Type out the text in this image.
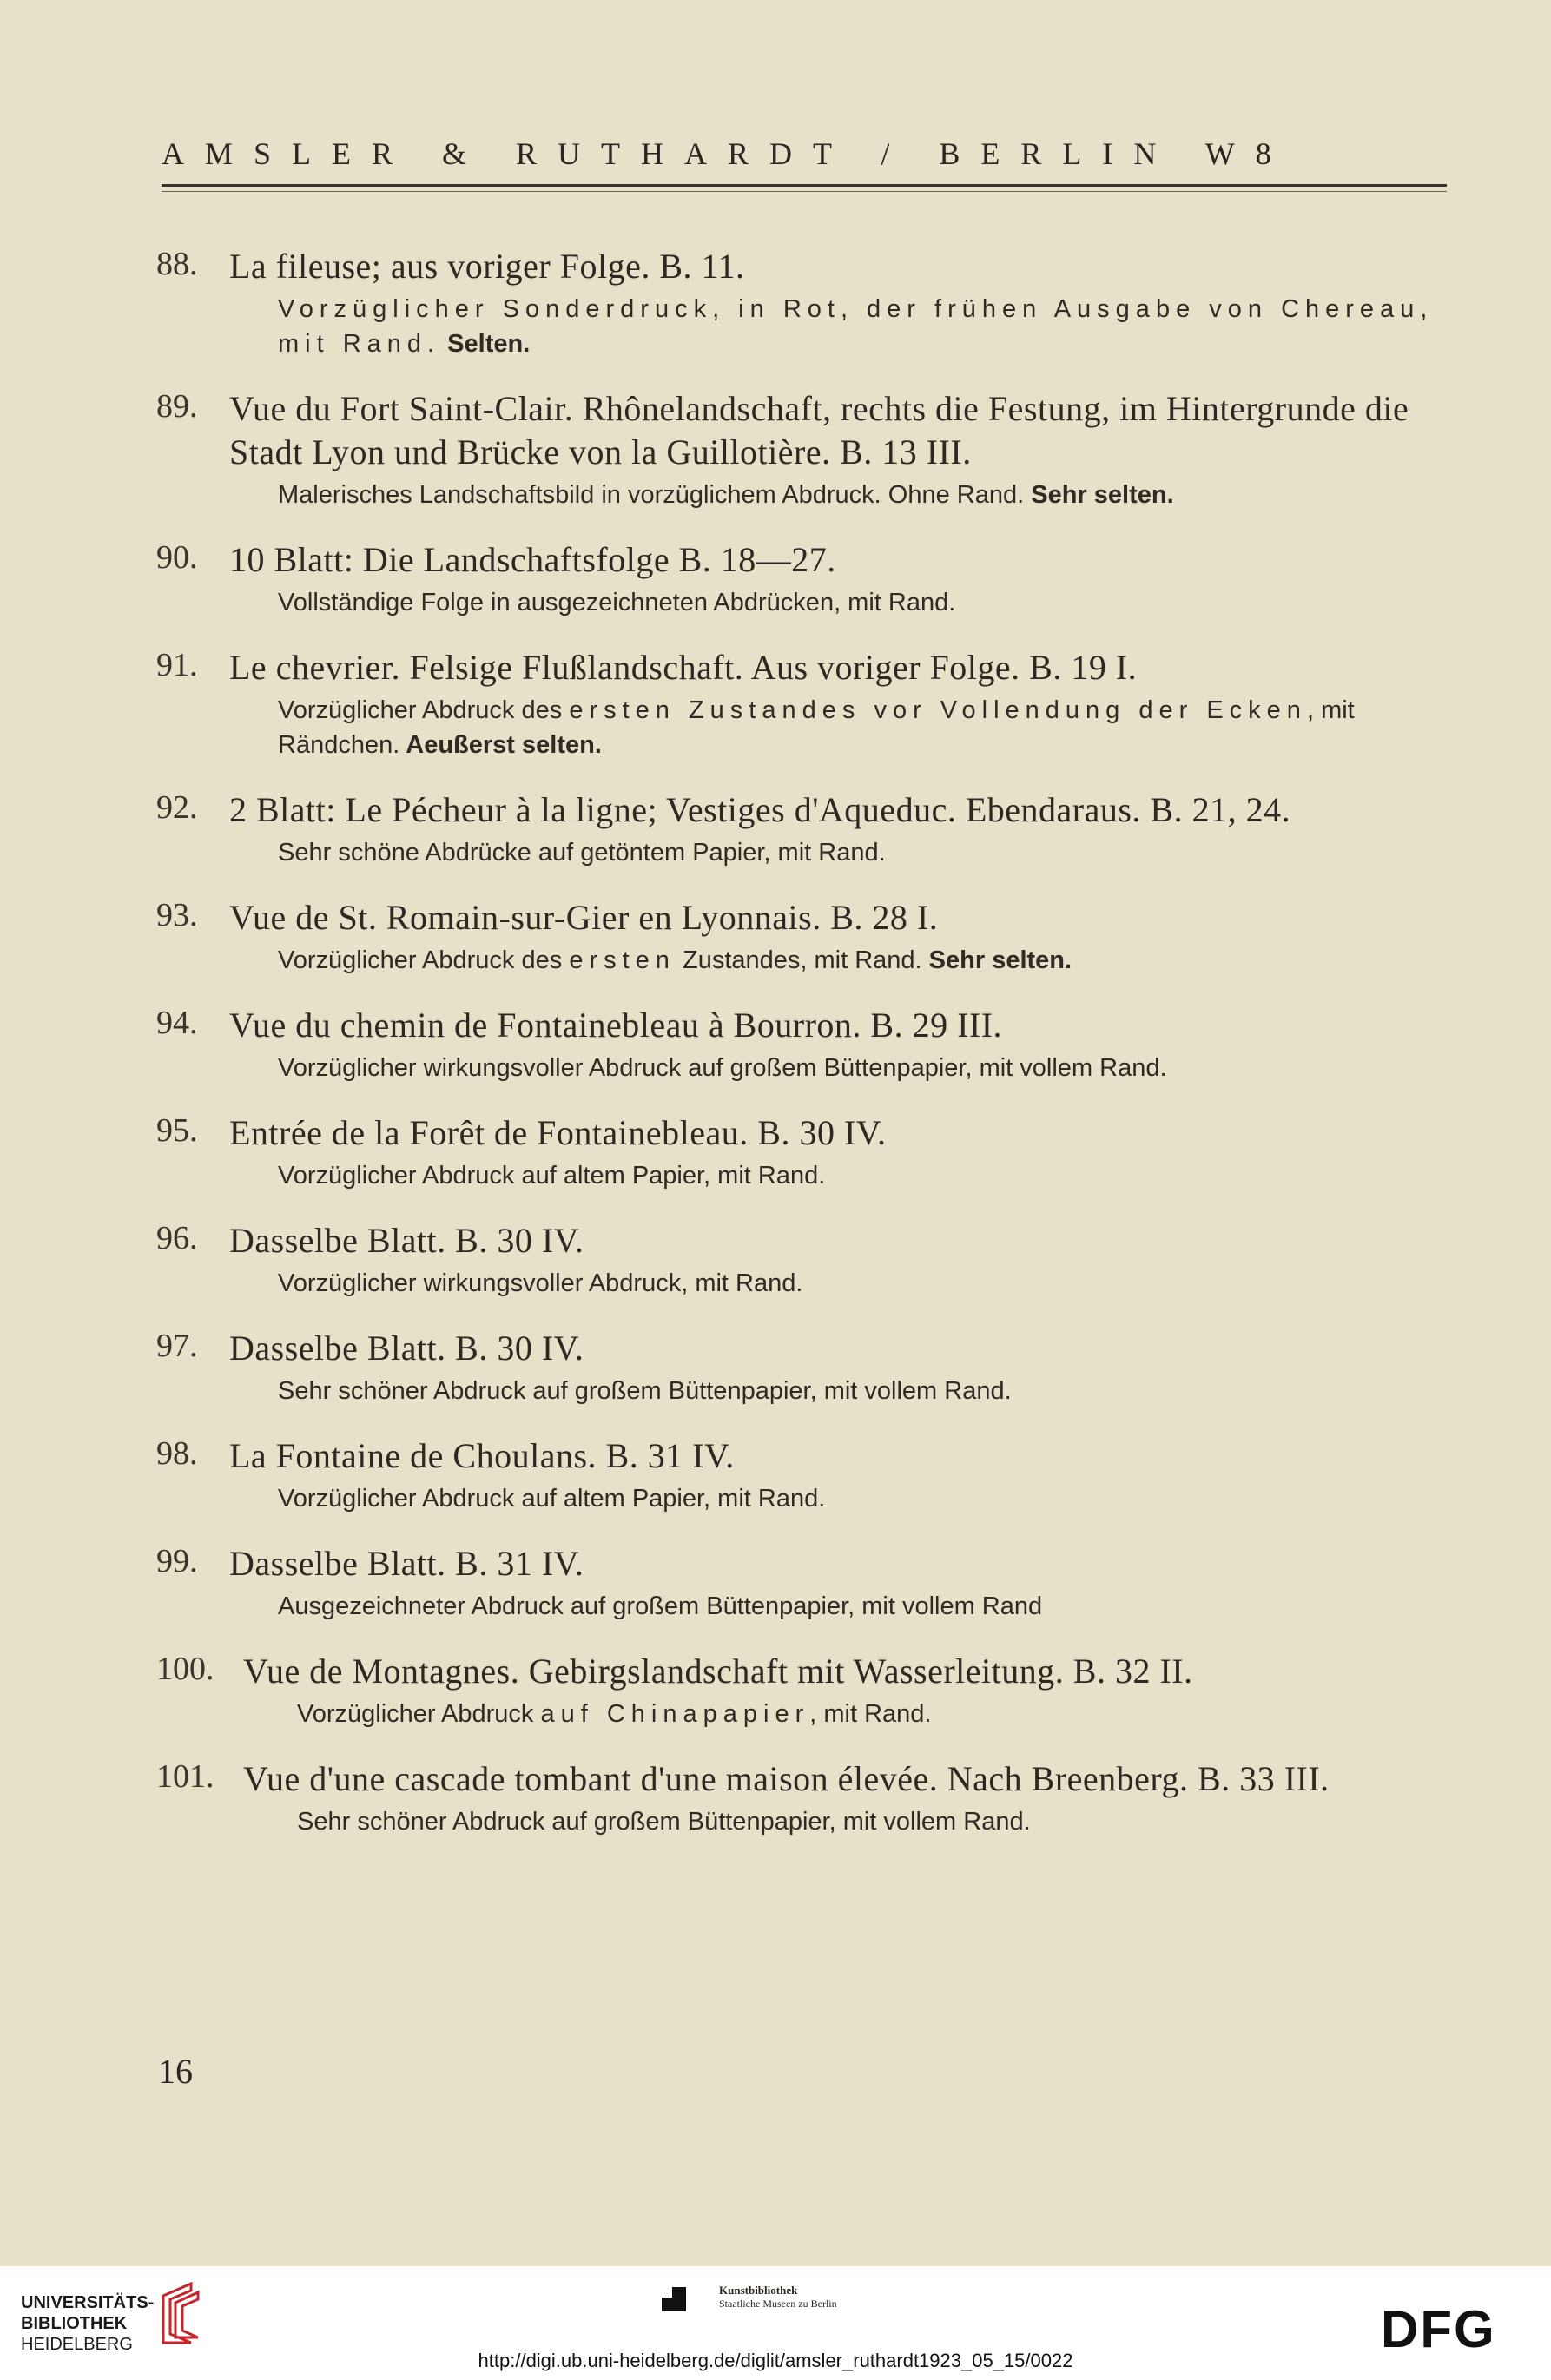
AMSLER & RUTHARDT / BERLIN W8
88. La fileuse; aus voriger Folge. B. 11.
Vorzüglicher Sonderdruck, in Rot, der frühen Ausgabe von Chereau, mit Rand. Selten.
89. Vue du Fort Saint-Clair. Rhônelandschaft, rechts die Festung, im Hintergrunde die Stadt Lyon und Brücke von la Guillotière. B. 13 III.
Malerisches Landschaftsbild in vorzüglichem Abdruck. Ohne Rand. Sehr selten.
90. 10 Blatt: Die Landschaftsfolge B. 18—27.
Vollständige Folge in ausgezeichneten Abdrücken, mit Rand.
91. Le chevrier. Felsige Flußlandschaft. Aus voriger Folge. B. 19 I.
Vorzüglicher Abdruck des ersten Zustandes vor Vollendung der Ecken, mit Rändchen. Aeußerst selten.
92. 2 Blatt: Le Pécheur à la ligne; Vestiges d'Aqueduc. Ebendaraus. B. 21, 24.
Sehr schöne Abdrücke auf getöntem Papier, mit Rand.
93. Vue de St. Romain-sur-Gier en Lyonnais. B. 28 I.
Vorzüglicher Abdruck des ersten Zustandes, mit Rand. Sehr selten.
94. Vue du chemin de Fontainebleau à Bourron. B. 29 III.
Vorzüglicher wirkungsvoller Abdruck auf großem Büttenpapier, mit vollem Rand.
95. Entrée de la Forêt de Fontainebleau. B. 30 IV.
Vorzüglicher Abdruck auf altem Papier, mit Rand.
96. Dasselbe Blatt. B. 30 IV.
Vorzüglicher wirkungsvoller Abdruck, mit Rand.
97. Dasselbe Blatt. B. 30 IV.
Sehr schöner Abdruck auf großem Büttenpapier, mit vollem Rand.
98. La Fontaine de Choulans. B. 31 IV.
Vorzüglicher Abdruck auf altem Papier, mit Rand.
99. Dasselbe Blatt. B. 31 IV.
Ausgezeichneter Abdruck auf großem Büttenpapier, mit vollem Rand
100. Vue de Montagnes. Gebirgslandschaft mit Wasserleitung. B. 32 II.
Vorzüglicher Abdruck auf Chinapapier, mit Rand.
101. Vue d'une cascade tombant d'une maison élevée. Nach Breenberg. B. 33 III.
Sehr schöner Abdruck auf großem Büttenpapier, mit vollem Rand.
16
UNIVERSITÄTS-
BIBLIOTHEK
HEIDELBERG
Kunstbibliothek
Staatliche Museen zu Berlin	DFG
http://digi.ub.uni-heidelberg.de/diglit/amsler_ruthardt1923_05_15/0022
